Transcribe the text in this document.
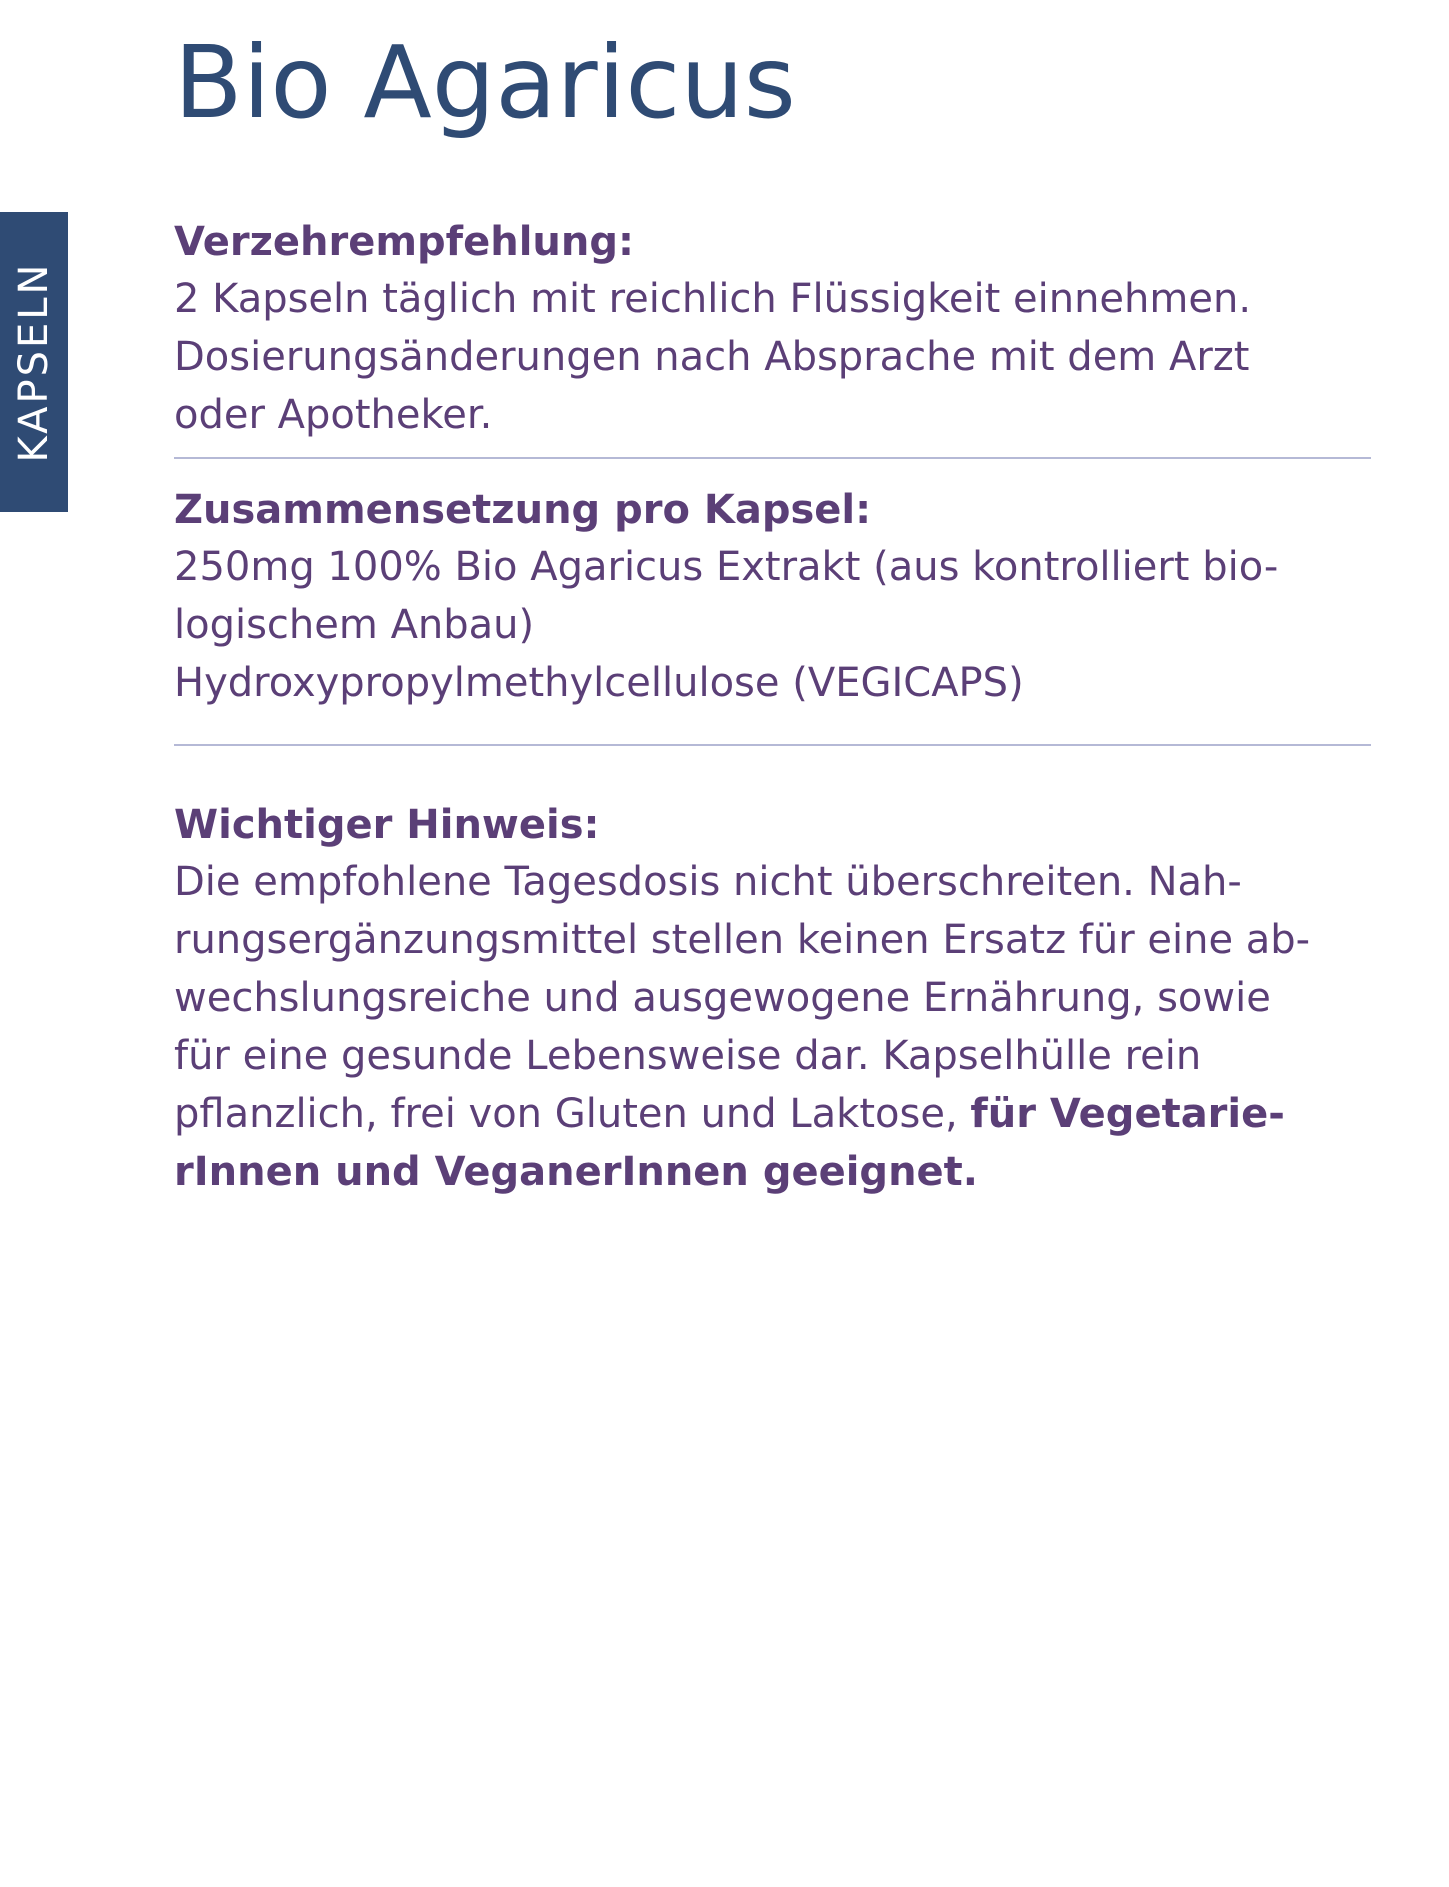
KAPSELN
Bio Agaricus

Verzehrempfehlung:

2 Kapseln täglich mit reichlich Flüssigkeit einnehmen.
Dosierungsänderungen nach Absprache mit dem Arzt
oder Apotheker.

Zusammensetzung pro Kapsel:

250mg 100% Bio Agaricus Extrakt (aus kontrolliert bio-
logischem Anbau)
Hydroxypropylmethylcellulose (VEGICAPS)

Wichtiger Hinweis:

Die empfohlene Tagesdosis nicht überschreiten. Nah-
rungsergänzungsmittel stellen keinen Ersatz für eine ab-
wechslungsreiche und ausgewogene Ernährung, sowie
für eine gesunde Lebensweise dar. Kapselhülle rein
pflanzlich, frei von Gluten und Laktose, für Vegetarie-
rInnen und VeganerInnen geeignet.
